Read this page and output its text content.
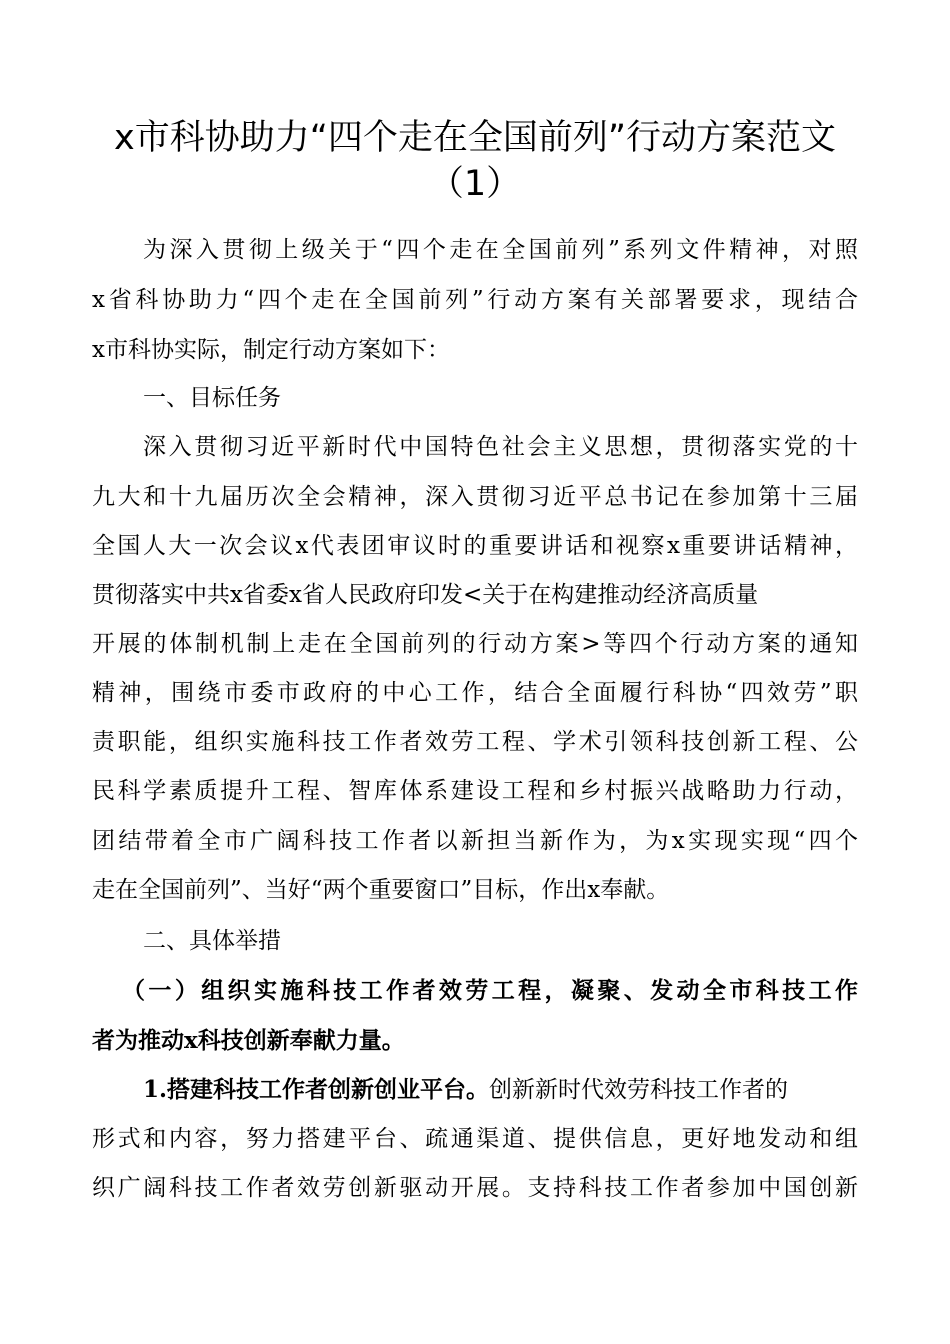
x市科协助力“四个走在全国前列”行动方案范文
（1）
为深入贯彻上级关于“四个走在全国前列”系列文件精神，对照
x省科协助力“四个走在全国前列”行动方案有关部署要求，现结合
x市科协实际，制定行动方案如下：
一、目标任务
深入贯彻习近平新时代中国特色社会主义思想，贯彻落实党的十
九大和十九届历次全会精神，深入贯彻习近平总书记在参加第十三届
全国人大一次会议x代表团审议时的重要讲话和视察x重要讲话精神，
贯彻落实中共x省委x省人民政府印发<关于在构建推动经济高质量
开展的体制机制上走在全国前列的行动方案>等四个行动方案的通知
精神，围绕市委市政府的中心工作，结合全面履行科协“四效劳”职
责职能，组织实施科技工作者效劳工程、学术引领科技创新工程、公
民科学素质提升工程、智库体系建设工程和乡村振兴战略助力行动，
团结带着全市广阔科技工作者以新担当新作为，为x实现实现“四个
走在全国前列”、当好“两个重要窗口”目标，作出x奉献。
二、具体举措
（一）组织实施科技工作者效劳工程，凝聚、发动全市科技工作
者为推动x科技创新奉献力量。
1.搭建科技工作者创新创业平台。创新新时代效劳科技工作者的
形式和内容，努力搭建平台、疏通渠道、提供信息，更好地发动和组
织广阔科技工作者效劳创新驱动开展。支持科技工作者参加中国创新
